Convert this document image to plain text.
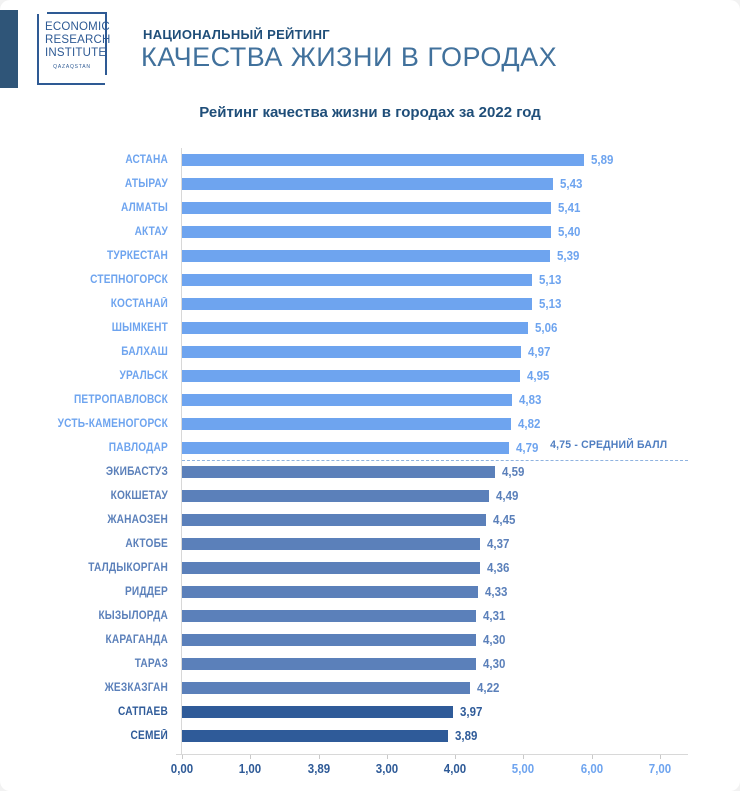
ECONOMIC
RESEARCH
INSTITUTE
QAZAQSTAN
НАЦИОНАЛЬНЫЙ РЕЙТИНГ
КАЧЕСТВА ЖИЗНИ В ГОРОДАХ
Рейтинг качества жизни в городах за 2022 год
АСТАНА	5,89
АТЫРАУ	5,43
АЛМАТЫ	5,41
АКТАУ	5,40
ТУРКЕСТАН	5,39
СТЕПНОГОРСК	5,13
КОСТАНАЙ	5,13
ШЫМКЕНТ	5,06
БАЛХАШ	4,97
УРАЛЬСК	4,95
ПЕТРОПАВЛОВСК	4,83
УСТЬ-КАМЕНОГОРСК	4,82
ПАВЛОДАР	4,79
ЭКИБАСТУЗ	4,59
КОКШЕТАУ	4,49
ЖАНАОЗЕН	4,45
АКТОБЕ	4,37
ТАЛДЫКОРГАН	4,36
РИДДЕР	4,33
КЫЗЫЛОРДА	4,31
КАРАГАНДА	4,30
ТАРАЗ	4,30
ЖЕЗКАЗГАН	4,22
САТПАЕВ	3,97
СЕМЕЙ	3,89
4,75 - СРЕДНИЙ БАЛЛ
0,00	1,00	3,89	3,00	4,00	5,00	6,00	7,00
